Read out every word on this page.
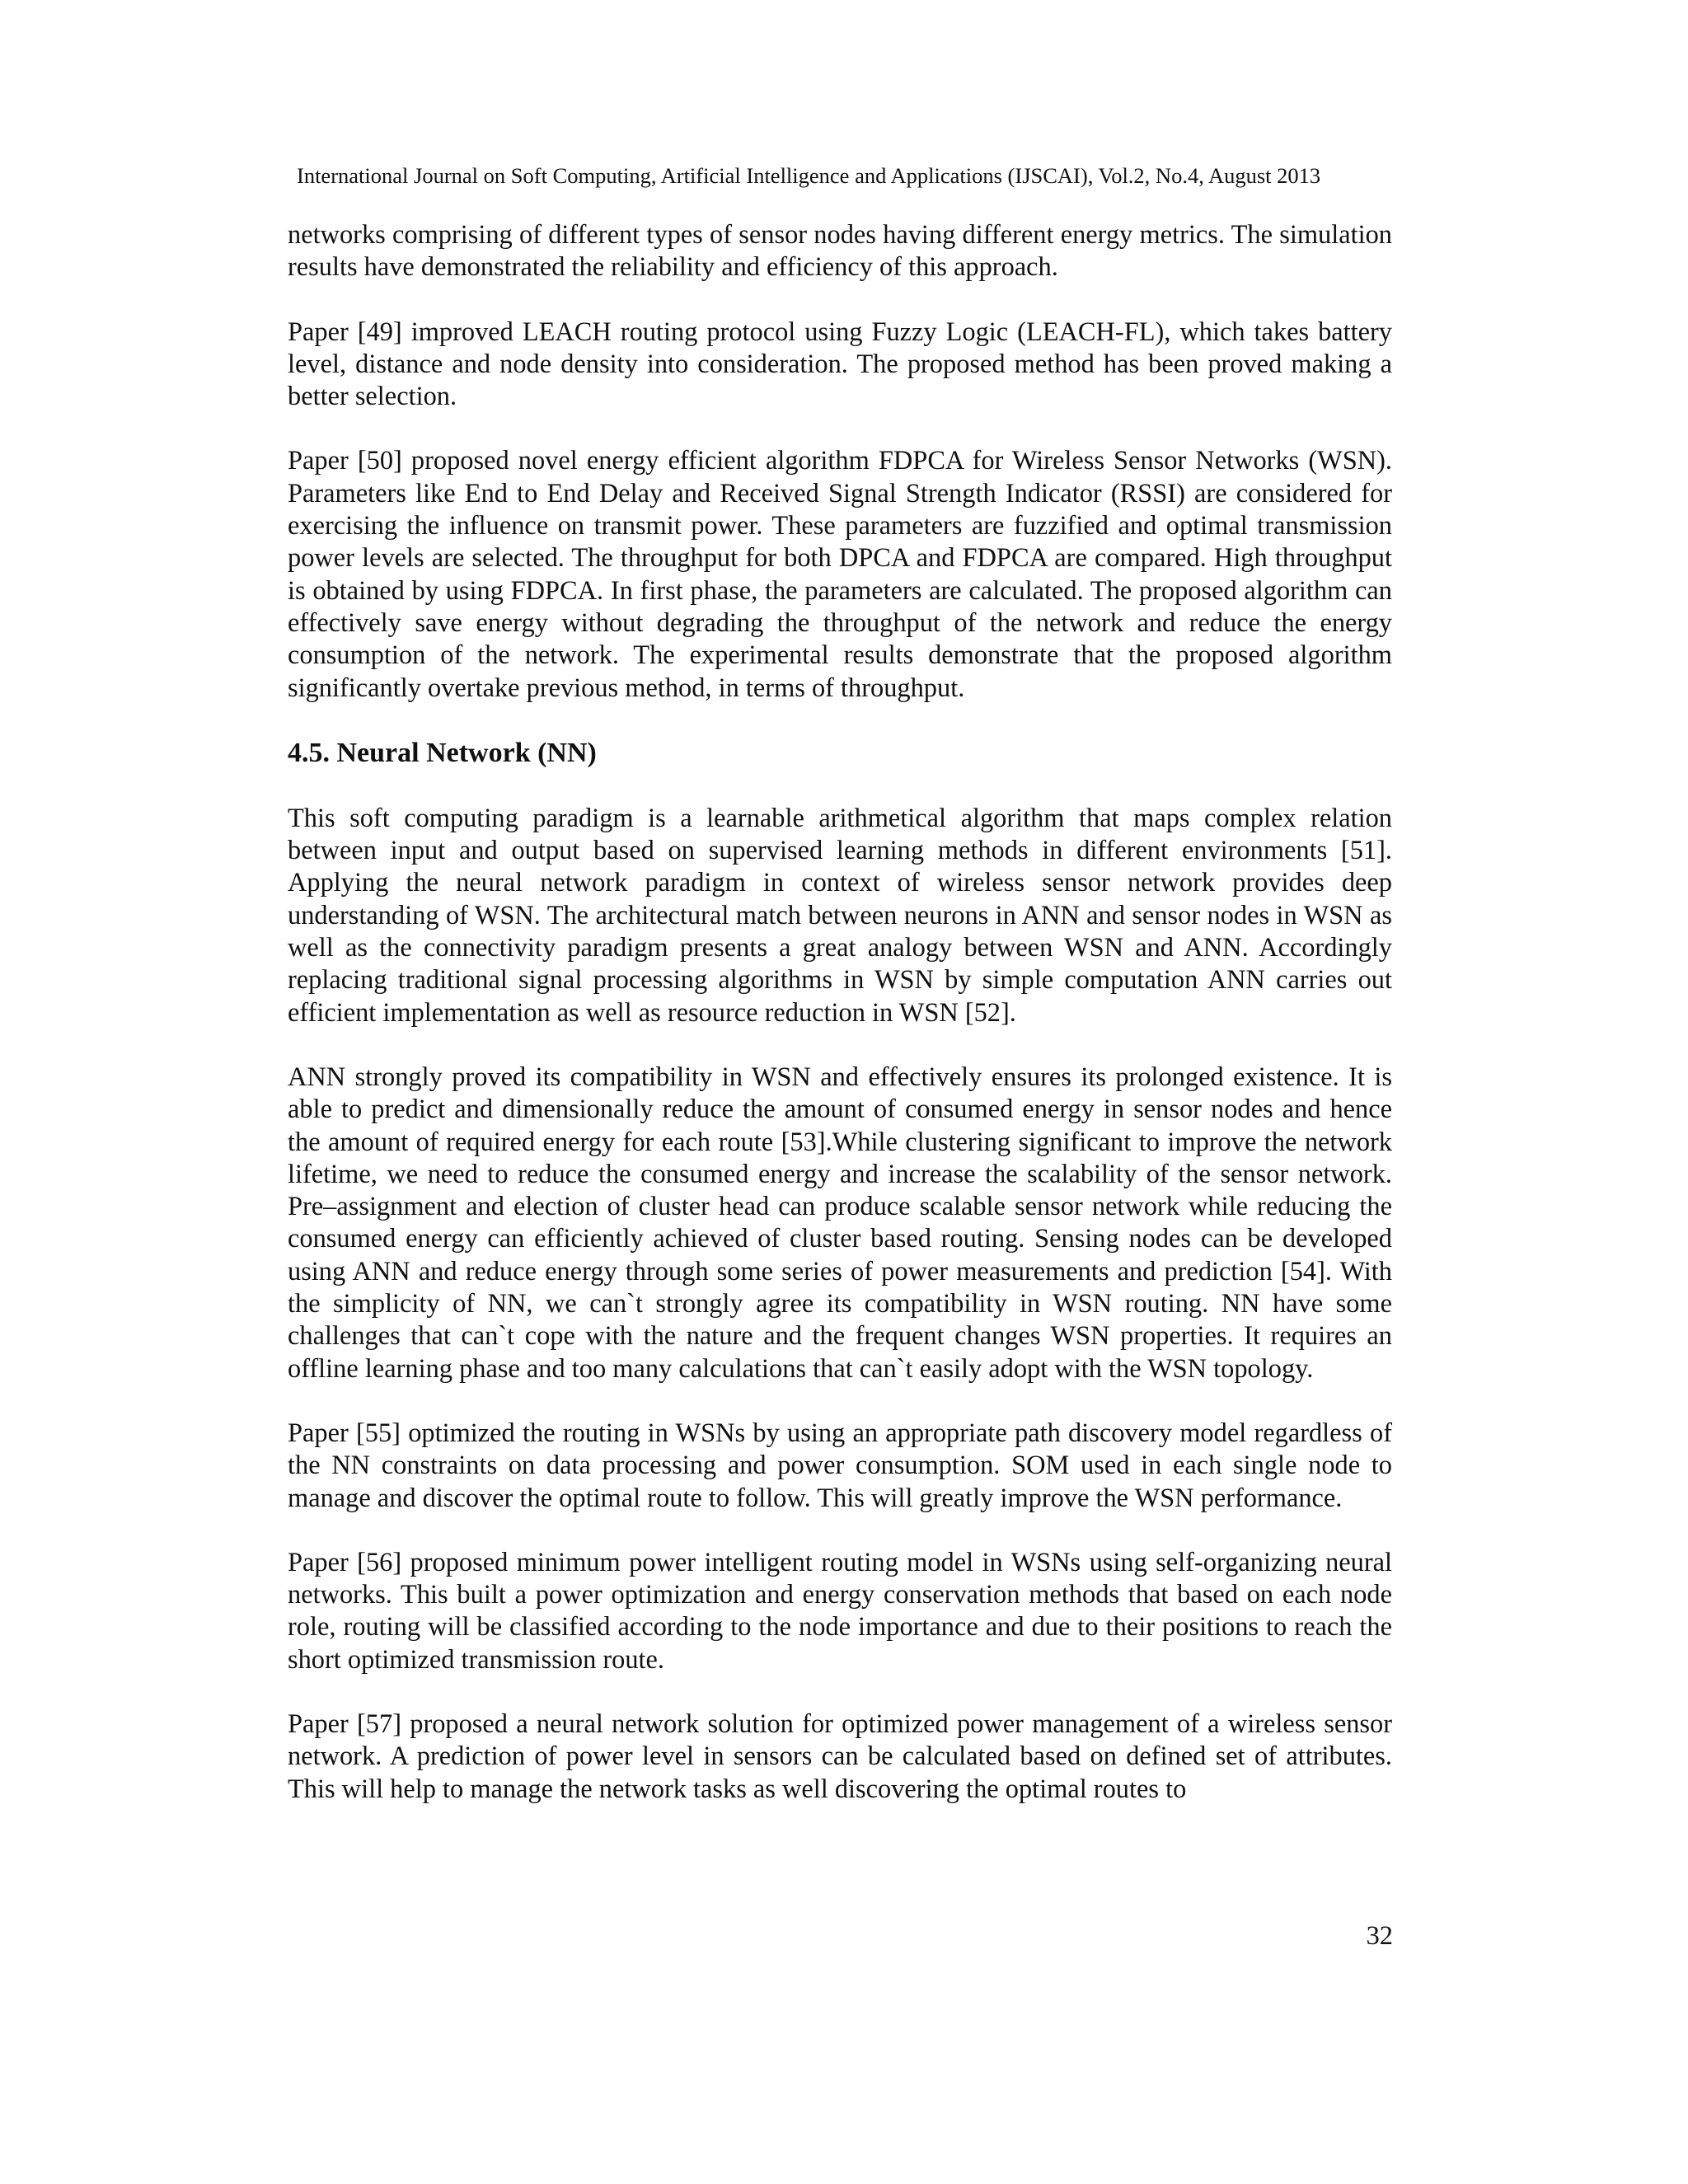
International Journal on Soft Computing, Artificial Intelligence and Applications (IJSCAI), Vol.2, No.4, August 2013

networks comprising of different types of sensor nodes having different energy metrics. The simulation results have demonstrated the reliability and efficiency of this approach.

Paper [49] improved LEACH routing protocol using Fuzzy Logic (LEACH-FL), which takes battery level, distance and node density into consideration. The proposed method has been proved making a better selection.

Paper [50] proposed novel energy efficient algorithm FDPCA for Wireless Sensor Networks (WSN). Parameters like End to End Delay and Received Signal Strength Indicator (RSSI) are considered for exercising the influence on transmit power. These parameters are fuzzified and optimal transmission power levels are selected. The throughput for both DPCA and FDPCA are compared. High throughput is obtained by using FDPCA. In first phase, the parameters are calculated. The proposed algorithm can effectively save energy without degrading the throughput of the network and reduce the energy consumption of the network. The experimental results demonstrate that the proposed algorithm significantly overtake previous method, in terms of throughput.

4.5. Neural Network (NN)

This soft computing paradigm is a learnable arithmetical algorithm that maps complex relation between input and output based on supervised learning methods in different environments [51]. Applying the neural network paradigm in context of wireless sensor network provides deep understanding of WSN. The architectural match between neurons in ANN and sensor nodes in WSN as well as the connectivity paradigm presents a great analogy between WSN and ANN. Accordingly replacing traditional signal processing algorithms in WSN by simple computation ANN carries out efficient implementation as well as resource reduction in WSN [52].

ANN strongly proved its compatibility in WSN and effectively ensures its prolonged existence. It is able to predict and dimensionally reduce the amount of consumed energy in sensor nodes and hence the amount of required energy for each route [53].While clustering significant to improve the network lifetime, we need to reduce the consumed energy and increase the scalability of the sensor network. Pre–assignment and election of cluster head can produce scalable sensor network while reducing the consumed energy can efficiently achieved of cluster based routing. Sensing nodes can be developed using ANN and reduce energy through some series of power measurements and prediction [54]. With the simplicity of NN, we can`t strongly agree its compatibility in WSN routing. NN have some challenges that can`t cope with the nature and the frequent changes WSN properties. It requires an offline learning phase and too many calculations that can`t easily adopt with the WSN topology.

Paper [55] optimized the routing in WSNs by using an appropriate path discovery model regardless of the NN constraints on data processing and power consumption. SOM used in each single node to manage and discover the optimal route to follow. This will greatly improve the WSN performance.

Paper [56] proposed minimum power intelligent routing model in WSNs using self-organizing neural networks. This built a power optimization and energy conservation methods that based on each node role, routing will be classified according to the node importance and due to their positions to reach the short optimized transmission route.

Paper [57] proposed a neural network solution for optimized power management of a wireless sensor network. A prediction of power level in sensors can be calculated based on defined set of attributes. This will help to manage the network tasks as well discovering the optimal routes to

32
